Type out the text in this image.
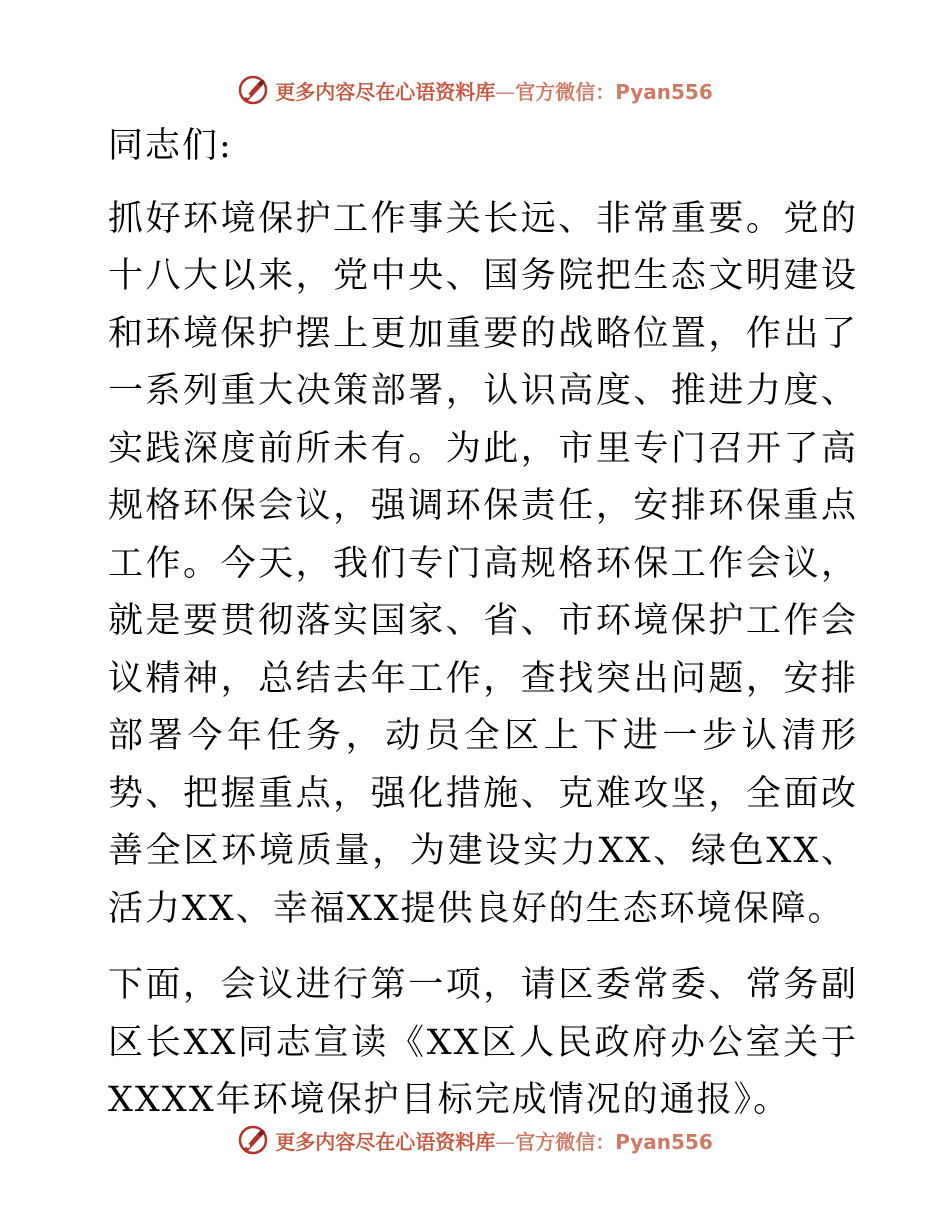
更多内容尽在心语资料库—官方微信：Pyan556

同志们:

抓好环境保护工作事关长远、非常重要。党的十八大以来，党中央、国务院把生态文明建设和环境保护摆上更加重要的战略位置，作出了一系列重大决策部署，认识高度、推进力度、实践深度前所未有。为此，市里专门召开了高规格环保会议，强调环保责任，安排环保重点工作。今天，我们专门高规格环保工作会议，就是要贯彻落实国家、省、市环境保护工作会议精神，总结去年工作，查找突出问题，安排部署今年任务，动员全区上下进一步认清形势、把握重点，强化措施、克难攻坚，全面改善全区环境质量，为建设实力XX、绿色XX、活力XX、幸福XX提供良好的生态环境保障。

下面，会议进行第一项，请区委常委、常务副区长XX同志宣读《XX区人民政府办公室关于XXXX年环境保护目标完成情况的通报》。

更多内容尽在心语资料库—官方微信：Pyan556
